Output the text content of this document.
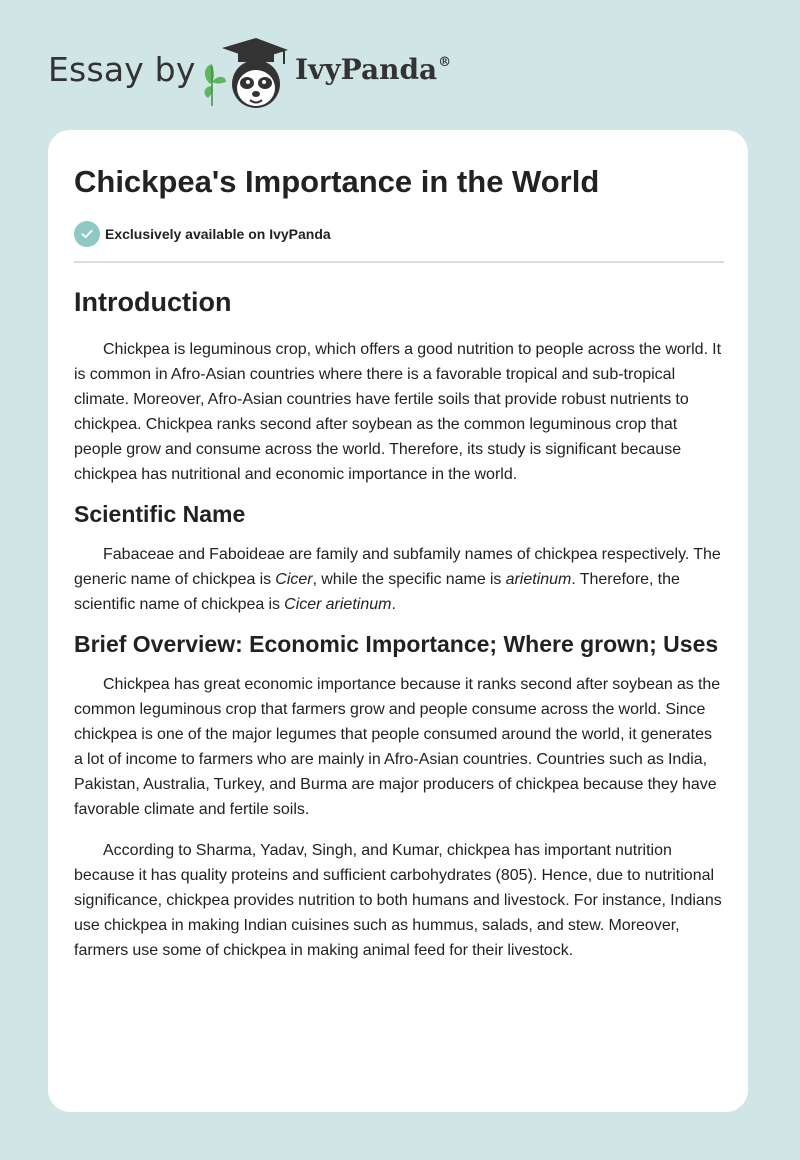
Essay by	IvyPanda®
Chickpea's Importance in the World
Exclusively available on IvyPanda
Introduction

Chickpea is leguminous crop, which offers a good nutrition to people across the world. It is common in Afro-Asian countries where there is a favorable tropical and sub-tropical climate. Moreover, Afro-Asian countries have fertile soils that provide robust nutrients to chickpea. Chickpea ranks second after soybean as the common leguminous crop that people grow and consume across the world. Therefore, its study is significant because chickpea has nutritional and economic importance in the world.

Scientific Name

Fabaceae and Faboideae are family and subfamily names of chickpea respectively. The generic name of chickpea is Cicer, while the specific name is arietinum. Therefore, the scientific name of chickpea is Cicer arietinum.

Brief Overview: Economic Importance; Where grown; Uses

Chickpea has great economic importance because it ranks second after soybean as the common leguminous crop that farmers grow and people consume across the world. Since chickpea is one of the major legumes that people consumed around the world, it generates a lot of income to farmers who are mainly in Afro-Asian countries. Countries such as India, Pakistan, Australia, Turkey, and Burma are major producers of chickpea because they have favorable climate and fertile soils.

According to Sharma, Yadav, Singh, and Kumar, chickpea has important nutrition because it has quality proteins and sufficient carbohydrates (805). Hence, due to nutritional significance, chickpea provides nutrition to both humans and livestock. For instance, Indians use chickpea in making Indian cuisines such as hummus, salads, and stew. Moreover, farmers use some of chickpea in making animal feed for their livestock.
